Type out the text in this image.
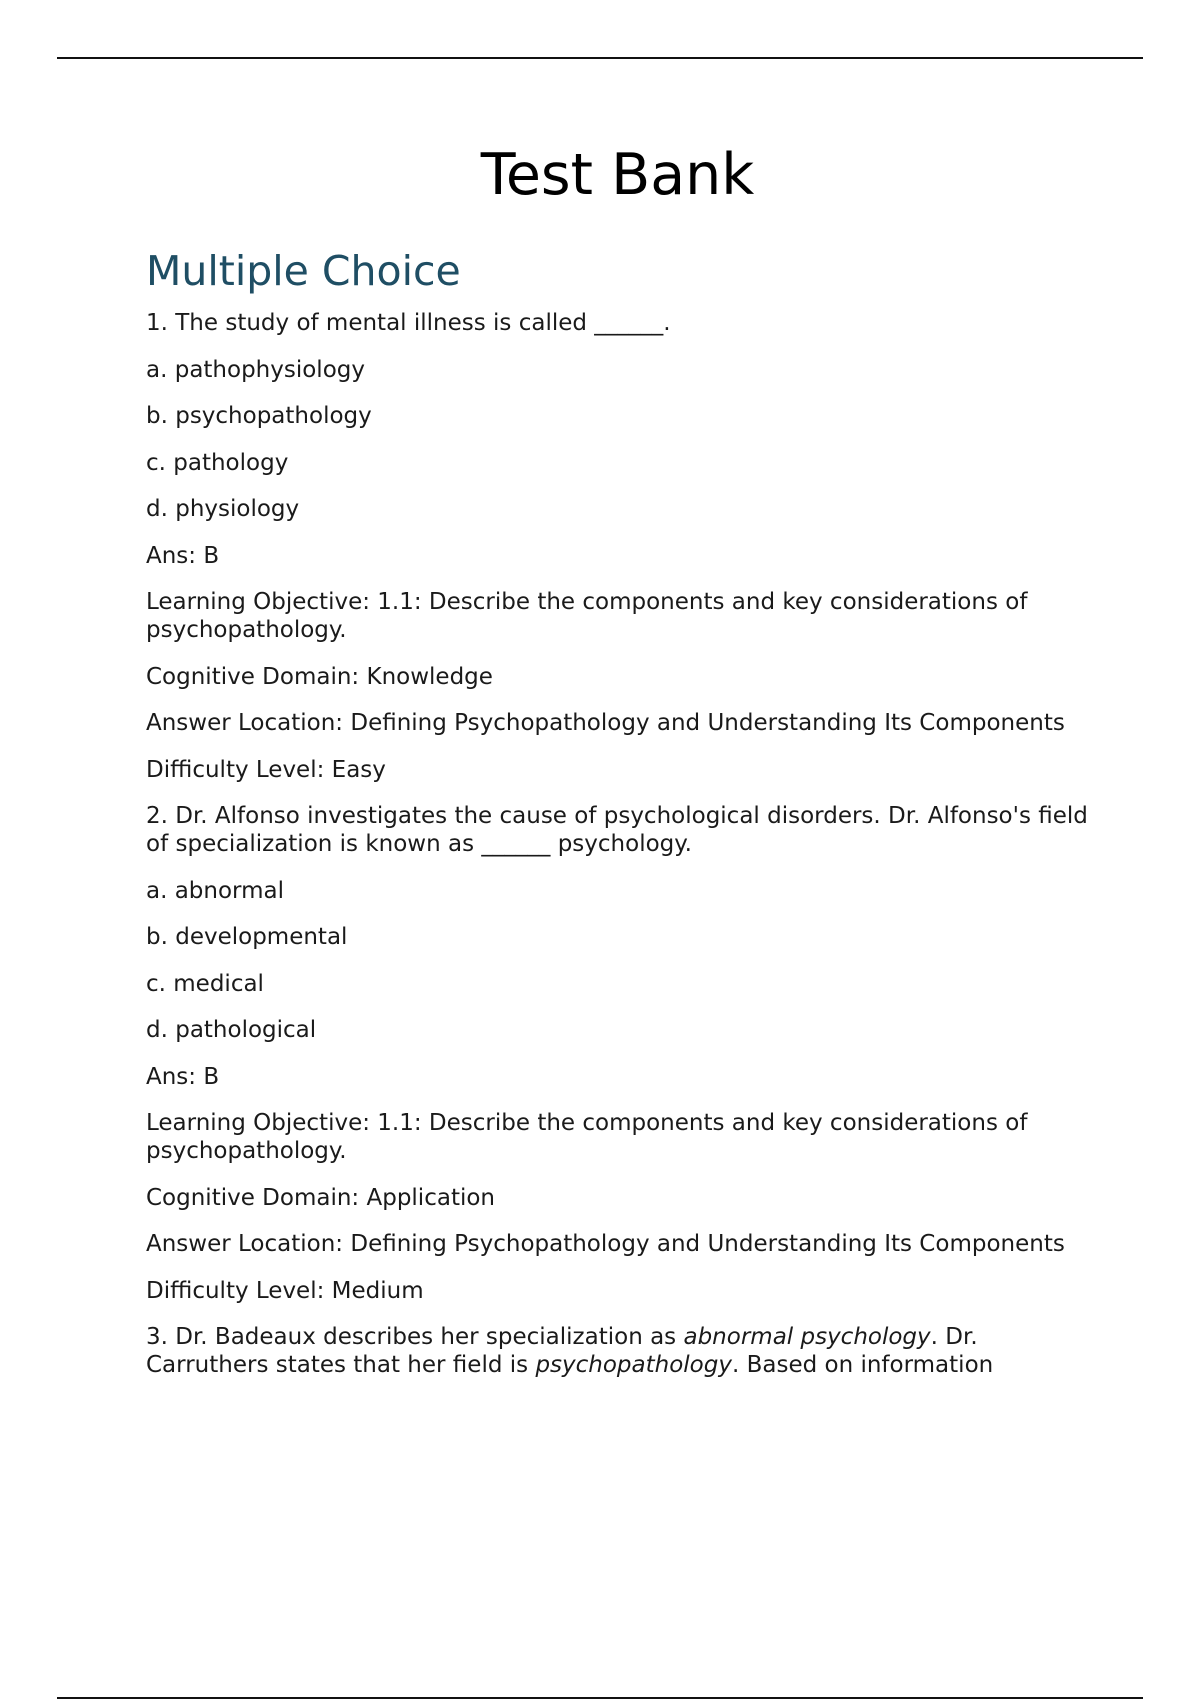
Test Bank
Multiple Choice

1. The study of mental illness is called ______.

a. pathophysiology

b. psychopathology

c. pathology

d. physiology

Ans: B

Learning Objective: 1.1: Describe the components and key considerations of psychopathology.

Cognitive Domain: Knowledge

Answer Location: Defining Psychopathology and Understanding Its Components

Difficulty Level: Easy

2. Dr. Alfonso investigates the cause of psychological disorders. Dr. Alfonso's field of specialization is known as ______ psychology.

a. abnormal

b. developmental

c. medical

d. pathological

Ans: B

Learning Objective: 1.1: Describe the components and key considerations of psychopathology.

Cognitive Domain: Application

Answer Location: Defining Psychopathology and Understanding Its Components

Difficulty Level: Medium

3. Dr. Badeaux describes her specialization as abnormal psychology. Dr. Carruthers states that her field is psychopathology. Based on information
